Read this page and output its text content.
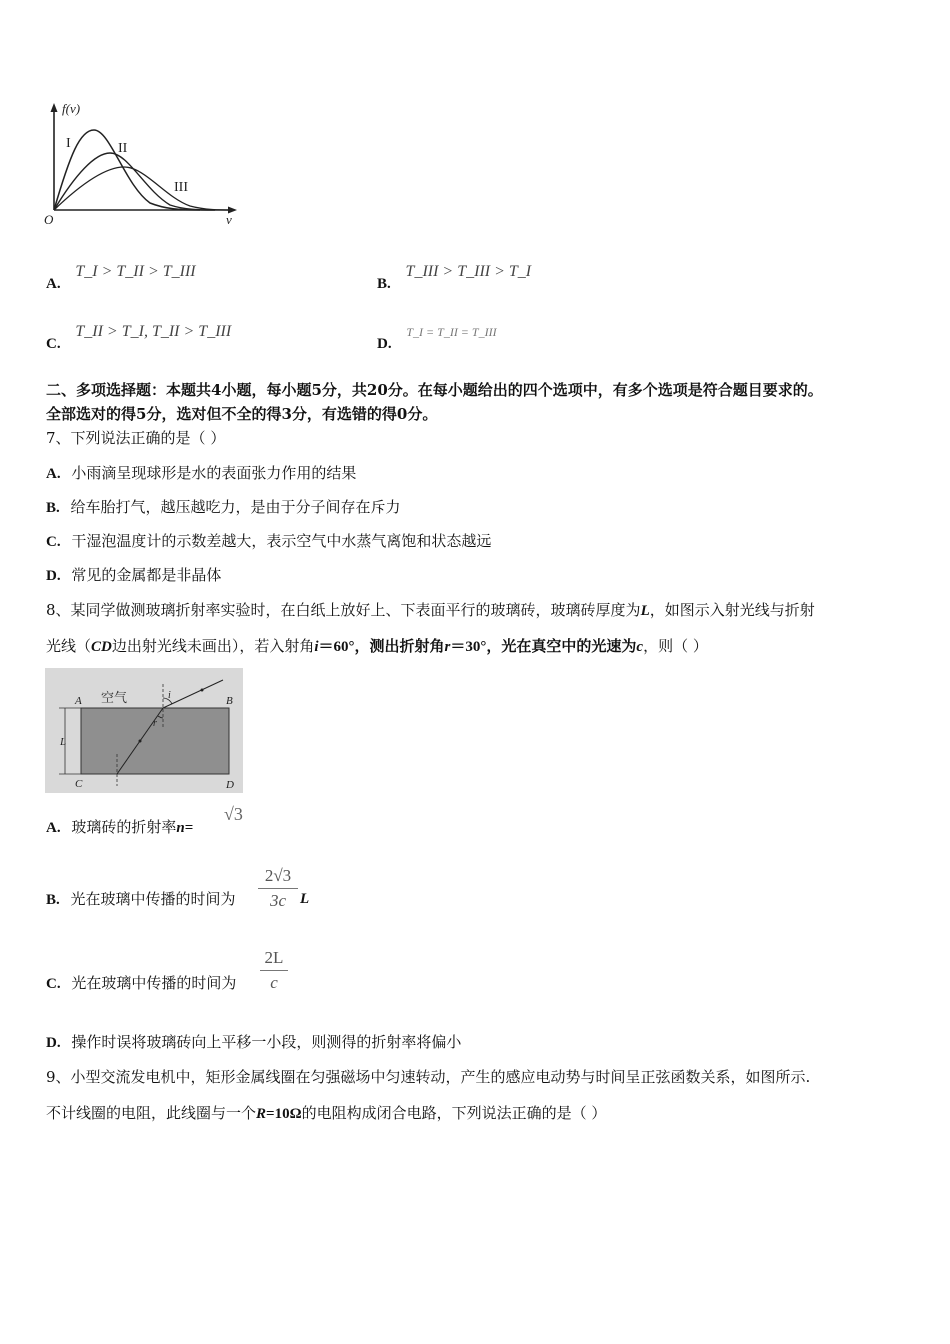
f(v)
v
O
I	II
III
A. T_I > T_II > T_III
B. T_III > T_III > T_I
C. T_II > T_I, T_II > T_III
D. T_I = T_II = T_III
二、多项选择题：本题共4小题，每小题5分，共20分。在每小题给出的四个选项中，有多个选项是符合题目要求的。
全部选对的得5分，选对但不全的得3分，有选错的得0分。
7、下列说法正确的是（ ）
A. 小雨滴呈现球形是水的表面张力作用的结果
B. 给车胎打气，越压越吃力，是由于分子间存在斥力
C. 干湿泡温度计的示数差越大，表示空气中水蒸气离饱和状态越远
D. 常见的金属都是非晶体
8、某同学做测玻璃折射率实验时，在白纸上放好上、下表面平行的玻璃砖，玻璃砖厚度为L，如图示入射光线与折射
光线（CD边出射光线未画出），若入射角i＝60°，测出折射角r＝30°，光在真空中的光速为c，则（ ）
空气
A	B
C	D
L
i
r
A. 玻璃砖的折射率n=
√3
B. 光在玻璃中传播的时间为
2√3
3c L
C. 光在玻璃中传播的时间为
2L
c
D. 操作时误将玻璃砖向上平移一小段，则测得的折射率将偏小
9、小型交流发电机中，矩形金属线圈在匀强磁场中匀速转动，产生的感应电动势与时间呈正弦函数关系，如图所示.
不计线圈的电阻，此线圈与一个R=10Ω的电阻构成闭合电路，下列说法正确的是（ ）
